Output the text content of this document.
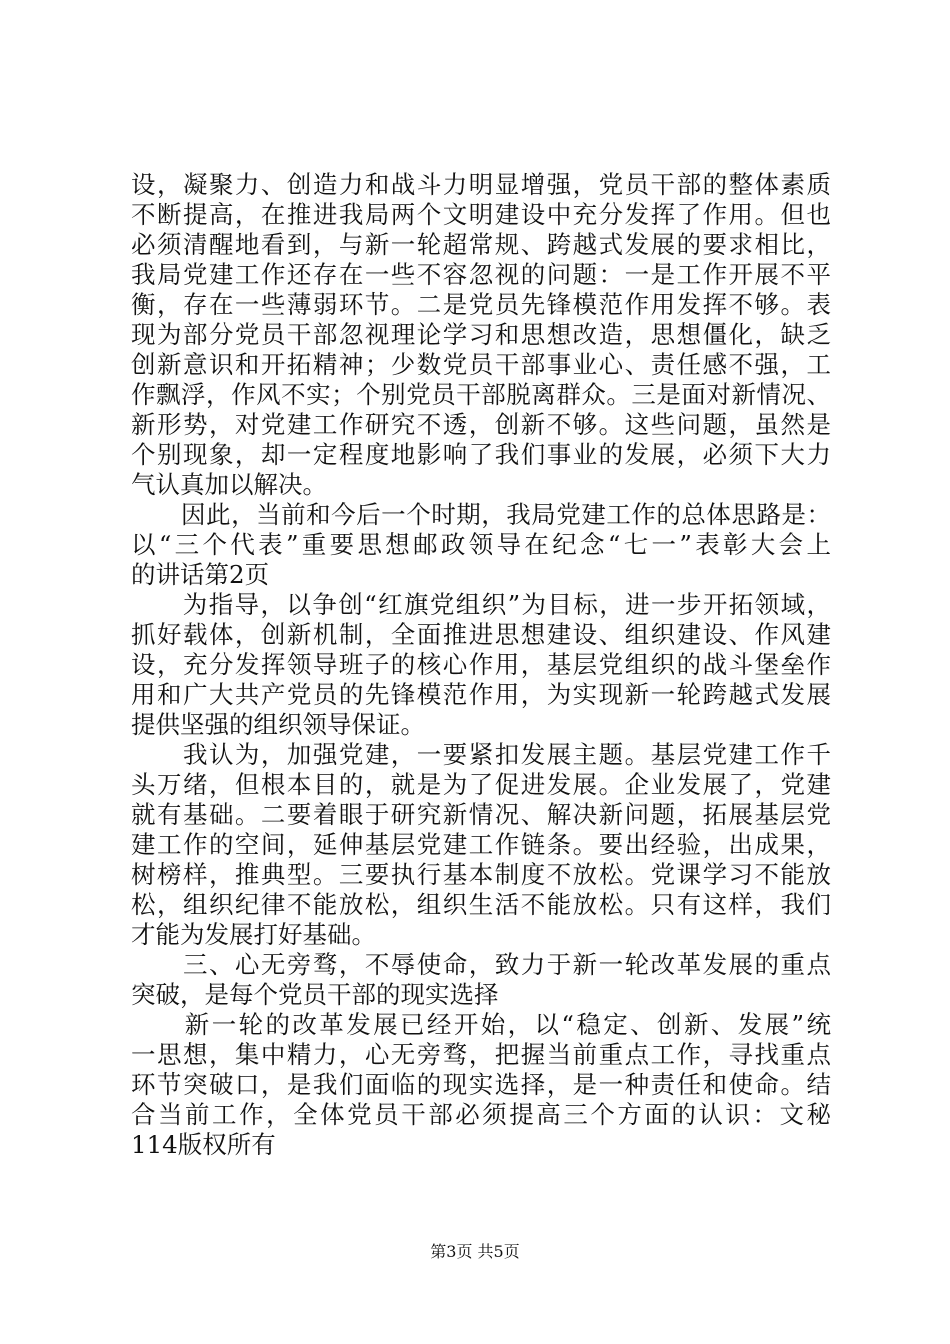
设，凝聚力、创造力和战斗力明显增强，党员干部的整体素质
不断提高，在推进我局两个文明建设中充分发挥了作用。但也
必须清醒地看到，与新一轮超常规、跨越式发展的要求相比，
我局党建工作还存在一些不容忽视的问题：一是工作开展不平
衡，存在一些薄弱环节。二是党员先锋模范作用发挥不够。表
现为部分党员干部忽视理论学习和思想改造，思想僵化，缺乏
创新意识和开拓精神；少数党员干部事业心、责任感不强，工
作飘浮，作风不实；个别党员干部脱离群众。三是面对新情况、
新形势，对党建工作研究不透，创新不够。这些问题，虽然是
个别现象，却一定程度地影响了我们事业的发展，必须下大力
气认真加以解决。
　　因此，当前和今后一个时期，我局党建工作的总体思路是：
以“三个代表”重要思想邮政领导在纪念“七一”表彰大会上
的讲话第2页
　　为指导，以争创“红旗党组织”为目标，进一步开拓领域，
抓好载体，创新机制，全面推进思想建设、组织建设、作风建
设，充分发挥领导班子的核心作用，基层党组织的战斗堡垒作
用和广大共产党员的先锋模范作用，为实现新一轮跨越式发展
提供坚强的组织领导保证。
　　我认为，加强党建，一要紧扣发展主题。基层党建工作千
头万绪，但根本目的，就是为了促进发展。企业发展了，党建
就有基础。二要着眼于研究新情况、解决新问题，拓展基层党
建工作的空间，延伸基层党建工作链条。要出经验，出成果，
树榜样，推典型。三要执行基本制度不放松。党课学习不能放
松，组织纪律不能放松，组织生活不能放松。只有这样，我们
才能为发展打好基础。
　　三、心无旁骛，不辱使命，致力于新一轮改革发展的重点
突破，是每个党员干部的现实选择
　　新一轮的改革发展已经开始，以“稳定、创新、发展”统
一思想，集中精力，心无旁骛，把握当前重点工作，寻找重点
环节突破口，是我们面临的现实选择，是一种责任和使命。结
合当前工作，全体党员干部必须提高三个方面的认识：文秘
114版权所有
第3页 共5页
